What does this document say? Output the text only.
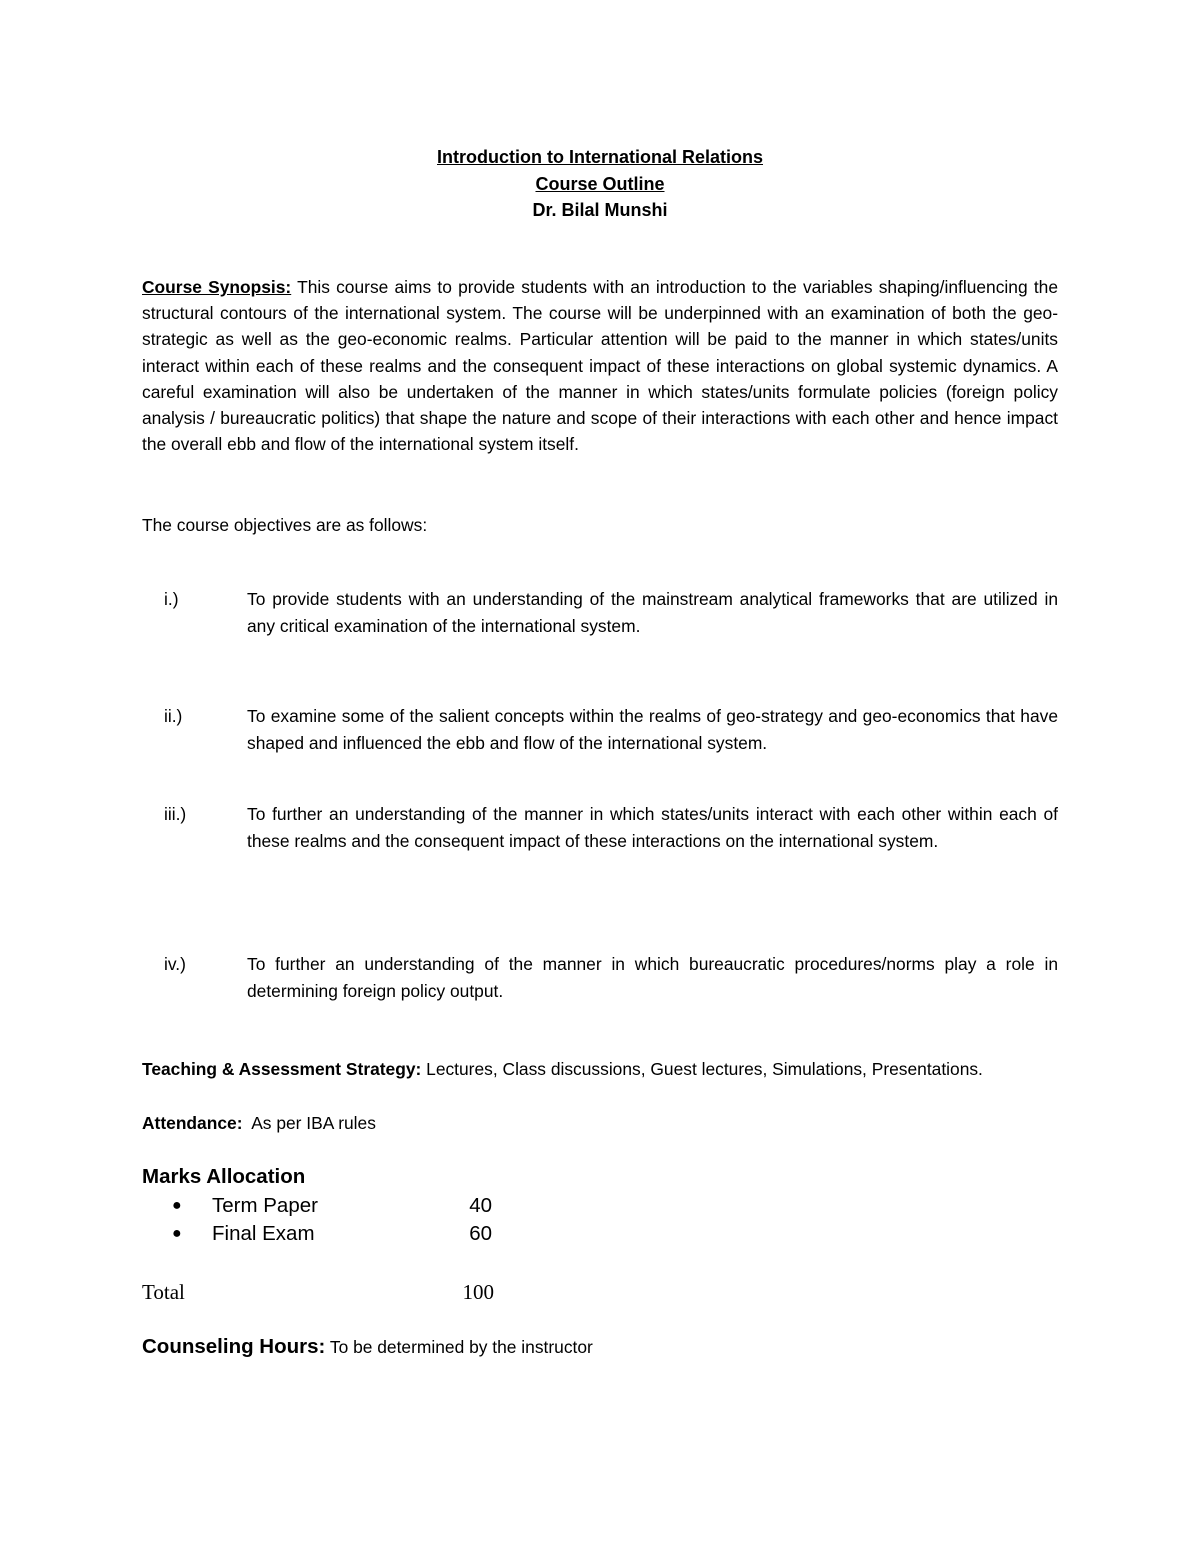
Introduction to International Relations
Course Outline
Dr. Bilal Munshi
Course Synopsis: This course aims to provide students with an introduction to the variables shaping/influencing the structural contours of the international system. The course will be underpinned with an examination of both the geo-strategic as well as the geo-economic realms. Particular attention will be paid to the manner in which states/units interact within each of these realms and the consequent impact of these interactions on global systemic dynamics. A careful examination will also be undertaken of the manner in which states/units formulate policies (foreign policy analysis / bureaucratic politics) that shape the nature and scope of their interactions with each other and hence impact the overall ebb and flow of the international system itself.
The course objectives are as follows:
i.)	To provide students with an understanding of the mainstream analytical frameworks that are utilized in any critical examination of the international system.
ii.)	To examine some of the salient concepts within the realms of geo-strategy and geo-economics that have shaped and influenced the ebb and flow of the international system.
iii.)	To further an understanding of the manner in which states/units interact with each other within each of these realms and the consequent impact of these interactions on the international system.
iv.)	To further an understanding of the manner in which bureaucratic procedures/norms play a role in determining foreign policy output.
Teaching & Assessment Strategy: Lectures, Class discussions, Guest lectures, Simulations, Presentations.
Attendance:  As per IBA rules
Marks Allocation
● Term Paper	40
● Final Exam	60
Total	100
Counseling Hours: To be determined by the instructor
